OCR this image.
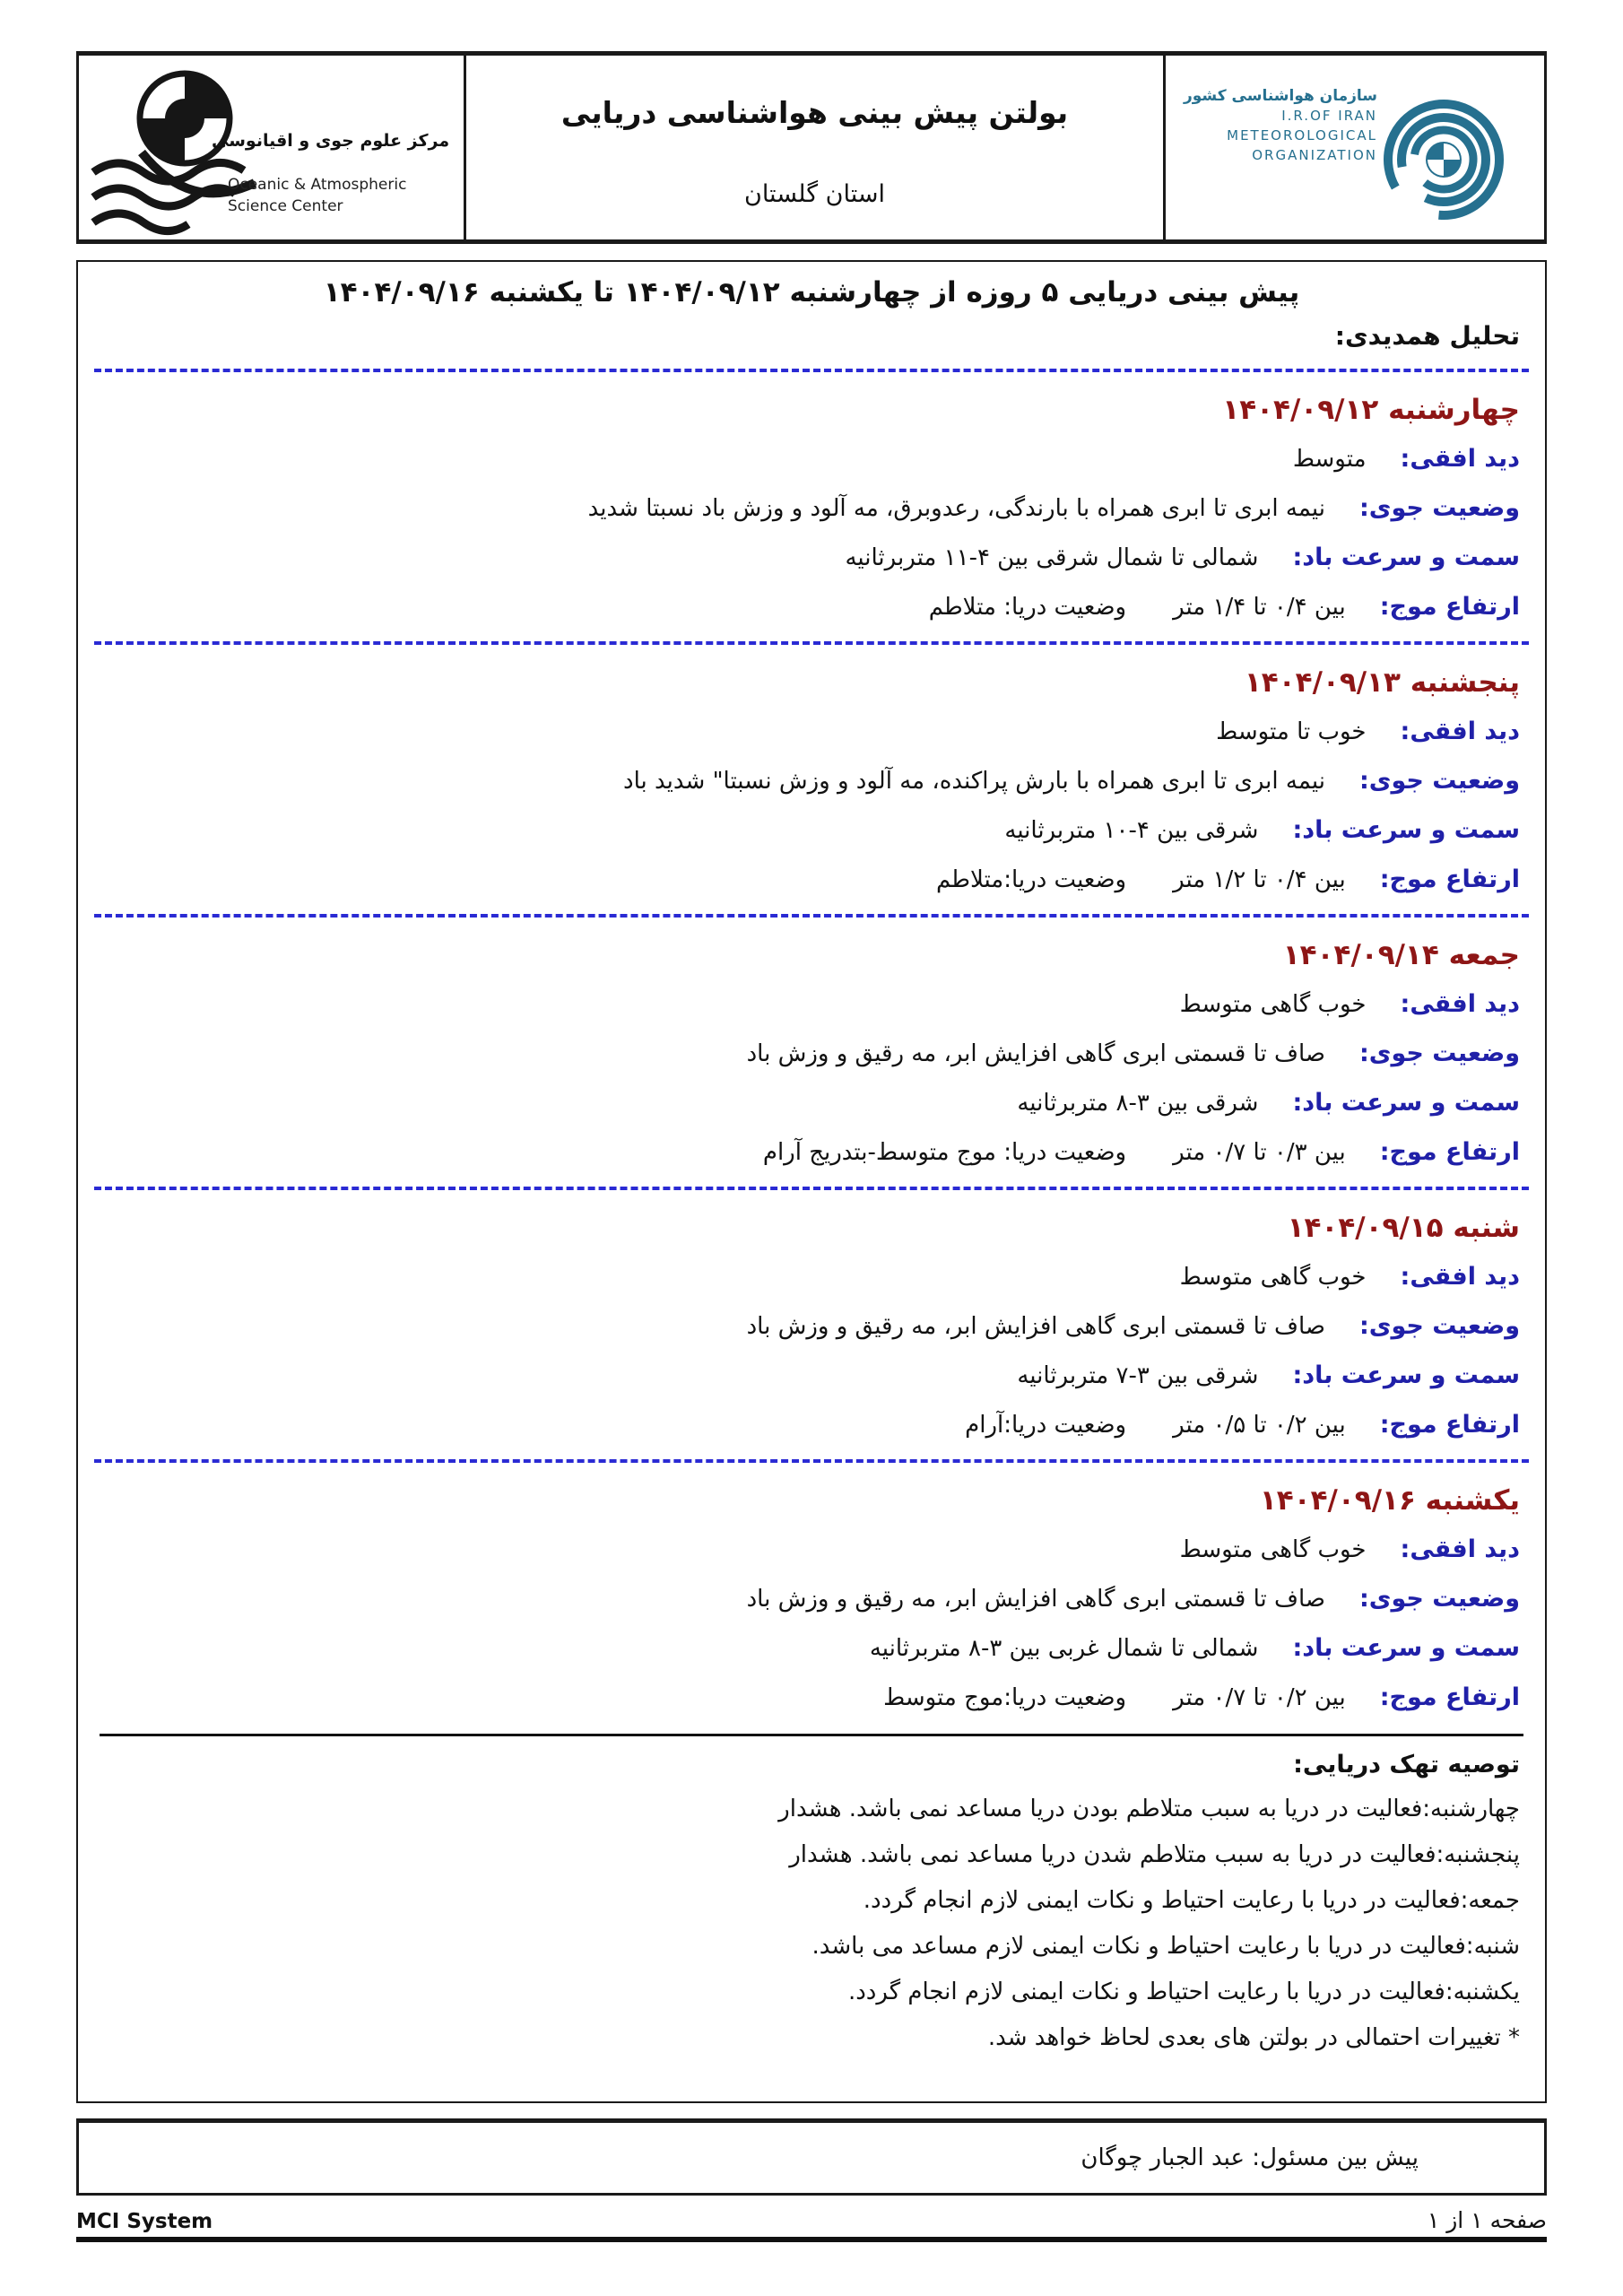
مرکز علوم جوی و اقیانوسی
Oceanic & Atmospheric
Science Center
بولتن پیش بینی هواشناسی دریایی
استان گلستان
سازمان هواشناسی کشور
I.R.OF IRAN
METEOROLOGICAL
ORGANIZATION
پیش بینی دریایی ۵ روزه از چهارشنبه ۱۴۰۴/۰۹/۱۲ تا یکشنبه ۱۴۰۴/۰۹/۱۶
تحلیل همدیدی:
چهارشنبه ۱۴۰۴/۰۹/۱۲
دید افقی:متوسط
وضعیت جوی:نیمه ابری تا ابری همراه با بارندگی، رعدوبرق، مه آلود و وزش باد نسبتا شدید
سمت و سرعت باد:شمالی تا شمال شرقی بین ۴-۱۱ متربرثانیه
ارتفاع موج:بین ۰/۴ تا ۱/۴ متروضعیت دریا: متلاطم
پنجشنبه ۱۴۰۴/۰۹/۱۳
دید افقی:خوب تا متوسط
وضعیت جوی:نیمه ابری تا ابری همراه با بارش پراکنده، مه آلود و وزش نسبتا" شدید باد
سمت و سرعت باد:شرقی بین ۴-۱۰ متربرثانیه
ارتفاع موج:بین ۰/۴ تا ۱/۲ متروضعیت دریا:متلاطم
جمعه ۱۴۰۴/۰۹/۱۴
دید افقی:خوب گاهی متوسط
وضعیت جوی:صاف تا قسمتی ابری گاهی افزایش ابر، مه رقیق و وزش باد
سمت و سرعت باد:شرقی بین ۳-۸ متربرثانیه
ارتفاع موج:بین ۰/۳ تا ۰/۷ متروضعیت دریا: موج متوسط-بتدریج آرام
شنبه ۱۴۰۴/۰۹/۱۵
دید افقی:خوب گاهی متوسط
وضعیت جوی:صاف تا قسمتی ابری گاهی افزایش ابر، مه رقیق و وزش باد
سمت و سرعت باد:شرقی بین ۳-۷ متربرثانیه
ارتفاع موج:بین ۰/۲ تا ۰/۵ متروضعیت دریا:آرام
یکشنبه ۱۴۰۴/۰۹/۱۶
دید افقی:خوب گاهی متوسط
وضعیت جوی:صاف تا قسمتی ابری گاهی افزایش ابر، مه رقیق و وزش باد
سمت و سرعت باد:شمالی تا شمال غربی بین ۳-۸ متربرثانیه
ارتفاع موج:بین ۰/۲ تا ۰/۷ متروضعیت دریا:موج متوسط
توصیه تهک دریایی:

چهارشنبه:فعالیت در دریا به سبب متلاطم بودن دریا مساعد نمی باشد. هشدار

پنجشنبه:فعالیت در دریا به سبب متلاطم شدن دریا مساعد نمی باشد. هشدار

جمعه:فعالیت در دریا با رعایت احتیاط و نکات ایمنی لازم انجام گردد.

شنبه:فعالیت در دریا با رعایت احتیاط و نکات ایمنی لازم مساعد می باشد.

یکشنبه:فعالیت در دریا با رعایت احتیاط و نکات ایمنی لازم انجام گردد.

* تغییرات احتمالی در بولتن های بعدی لحاظ خواهد شد.

پیش بین مسئول: عبد الجبار چوگان
MCI System	صفحه ۱ از ۱
